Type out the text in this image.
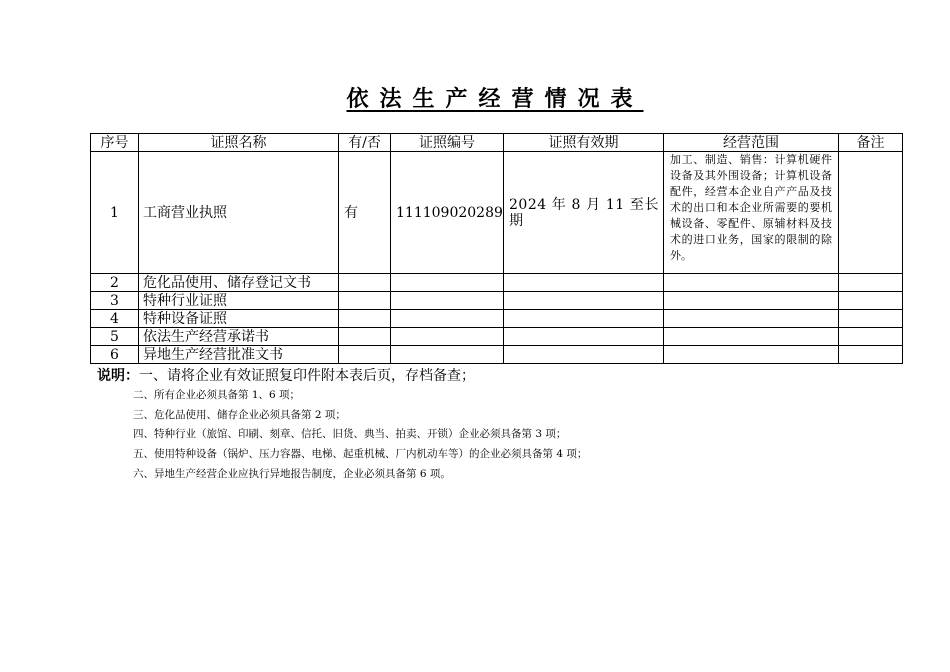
依法生产经营情况表
序号	证照名称	有/否	证照编号	证照有效期	经营范围	备注
1	工商营业执照	有	111109020289	2024 年 8 月 11 至长期	加工、制造、销售：计算机硬件设备及其外围设备；计算机设备配件，经营本企业自产产品及技术的出口和本企业所需要的要机械设备、零配件、原辅材料及技术的进口业务，国家的限制的除外。	
2	危化品使用、储存登记文书					
3	特种行业证照					
4	特种设备证照					
5	依法生产经营承诺书					
6	异地生产经营批准文书					
说明：一、请将企业有效证照复印件附本表后页，存档备查；
二、所有企业必须具备第 1、6 项；
三、危化品使用、储存企业必须具备第 2 项；
四、特种行业（旅馆、印刷、刻章、信托、旧货、典当、拍卖、开锁）企业必须具备第 3 项；
五、使用特种设备（锅炉、压力容器、电梯、起重机械、厂内机动车等）的企业必须具备第 4 项；
六、异地生产经营企业应执行异地报告制度，企业必须具备第 6 项。
